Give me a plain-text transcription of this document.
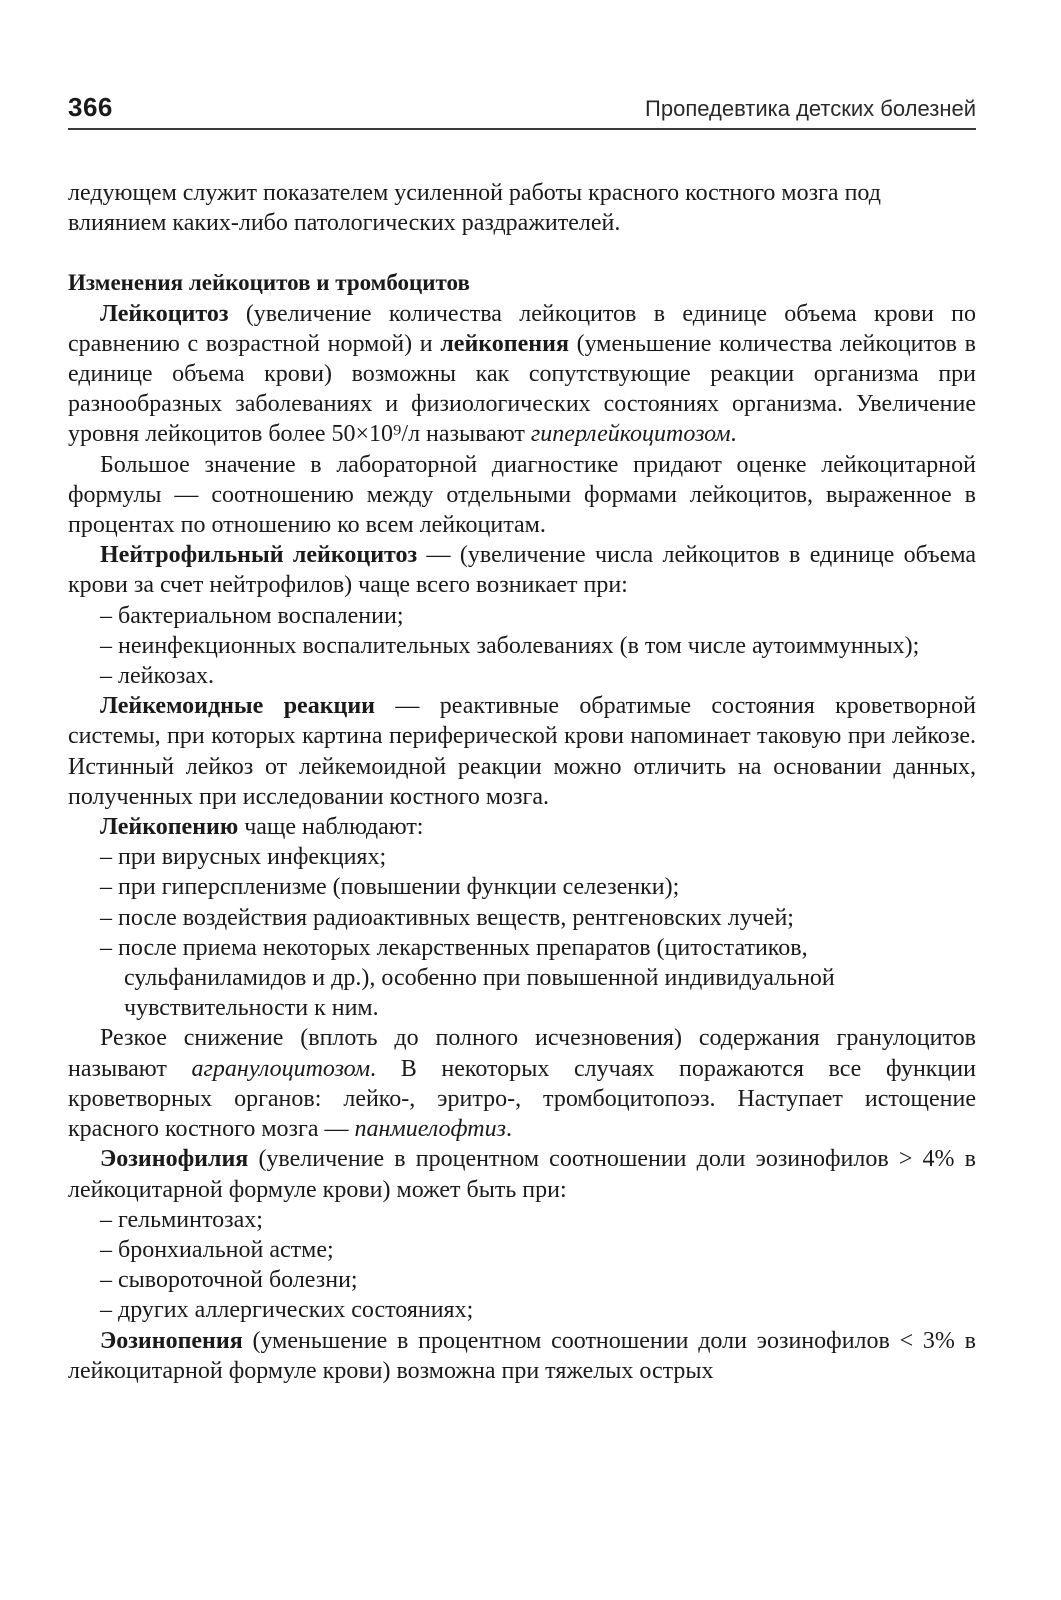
366	Пропедевтика детских болезней

ледующем служит показателем усиленной работы красного костного мозга под влиянием каких-либо патологических раздражителей.

Изменения лейкоцитов и тромбоцитов

Лейкоцитоз (увеличение количества лейкоцитов в единице объема крови по сравнению с возрастной нормой) и лейкопения (уменьшение количества лейкоцитов в единице объема крови) возможны как сопутствующие реакции организма при разнообразных заболеваниях и физиологических состояниях организма. Увеличение уровня лейкоцитов более 50×10⁹/л называют гиперлейкоцитозом.

Большое значение в лабораторной диагностике придают оценке лейкоцитарной формулы — соотношению между отдельными формами лейкоцитов, выраженное в процентах по отношению ко всем лейкоцитам.

Нейтрофильный лейкоцитоз — (увеличение числа лейкоцитов в единице объема крови за счет нейтрофилов) чаще всего возникает при:

– бактериальном воспалении;

– неинфекционных воспалительных заболеваниях (в том числе аутоиммунных);

– лейкозах.

Лейкемоидные реакции — реактивные обратимые состояния кроветворной системы, при которых картина периферической крови напоминает таковую при лейкозе. Истинный лейкоз от лейкемоидной реакции можно отличить на основании данных, полученных при исследовании костного мозга.

Лейкопению чаще наблюдают:

– при вирусных инфекциях;

– при гиперспленизме (повышении функции селезенки);

– после воздействия радиоактивных веществ, рентгеновских лучей;

– после приема некоторых лекарственных препаратов (цитостатиков, сульфаниламидов и др.), особенно при повышенной индивидуальной чувствительности к ним.

Резкое снижение (вплоть до полного исчезновения) содержания гранулоцитов называют агранулоцитозом. В некоторых случаях поражаются все функции кроветворных органов: лейко-, эритро-, тромбоцитопоэз. Наступает истощение красного костного мозга — панмиелофтиз.

Эозинофилия (увеличение в процентном соотношении доли эозинофилов > 4% в лейкоцитарной формуле крови) может быть при:

– гельминтозах;

– бронхиальной астме;

– сывороточной болезни;

– других аллергических состояниях;

Эозинопения (уменьшение в процентном соотношении доли эозинофилов < 3% в лейкоцитарной формуле крови) возможна при тяжелых острых
